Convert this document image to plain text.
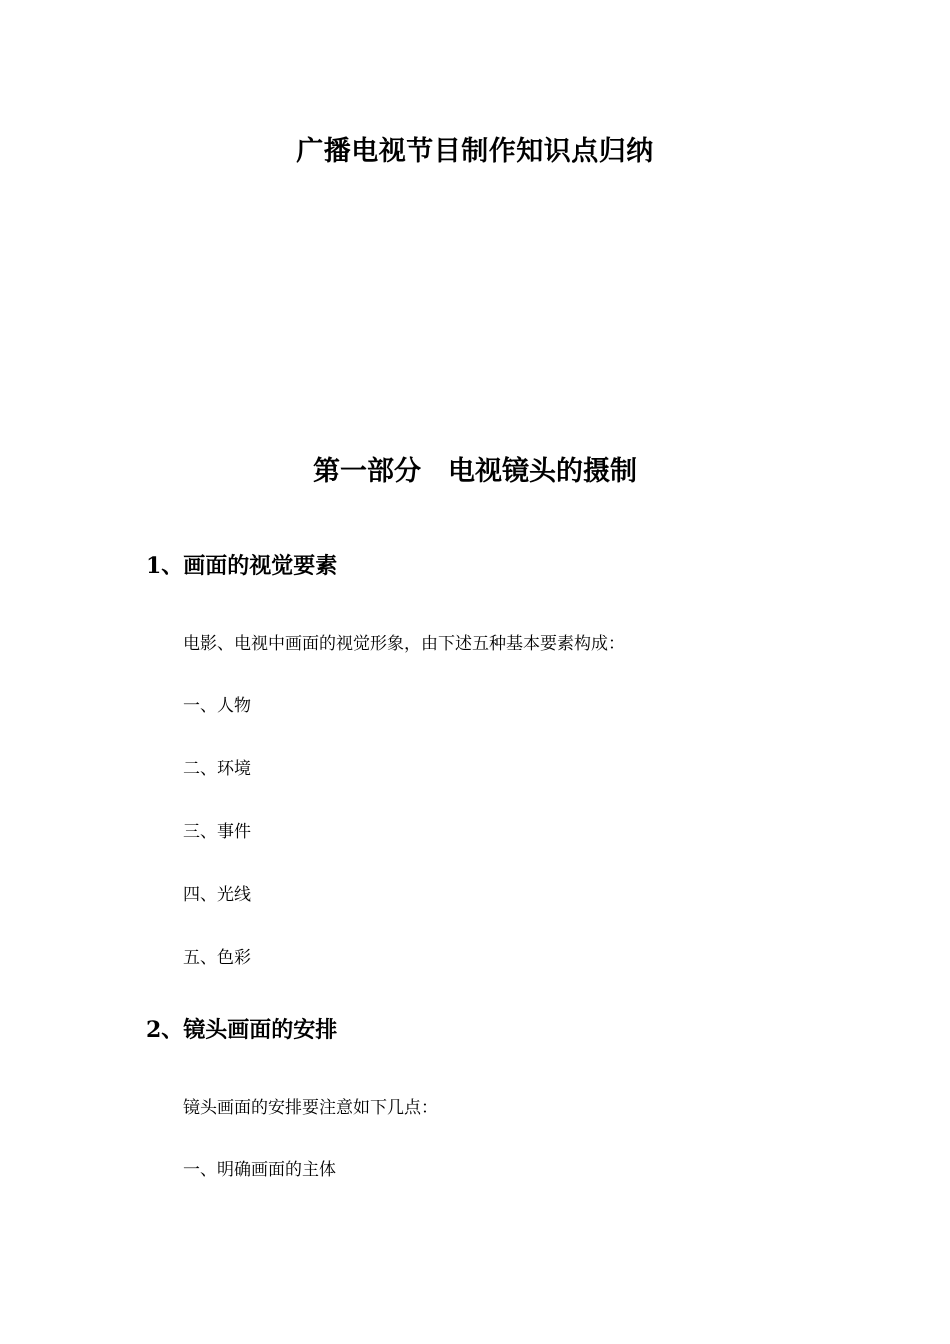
广播电视节目制作知识点归纳
第一部分　电视镜头的摄制
1、画面的视觉要素
电影、电视中画面的视觉形象，由下述五种基本要素构成：
一、人物
二、环境
三、事件
四、光线
五、色彩
2、镜头画面的安排
镜头画面的安排要注意如下几点：
一、明确画面的主体
